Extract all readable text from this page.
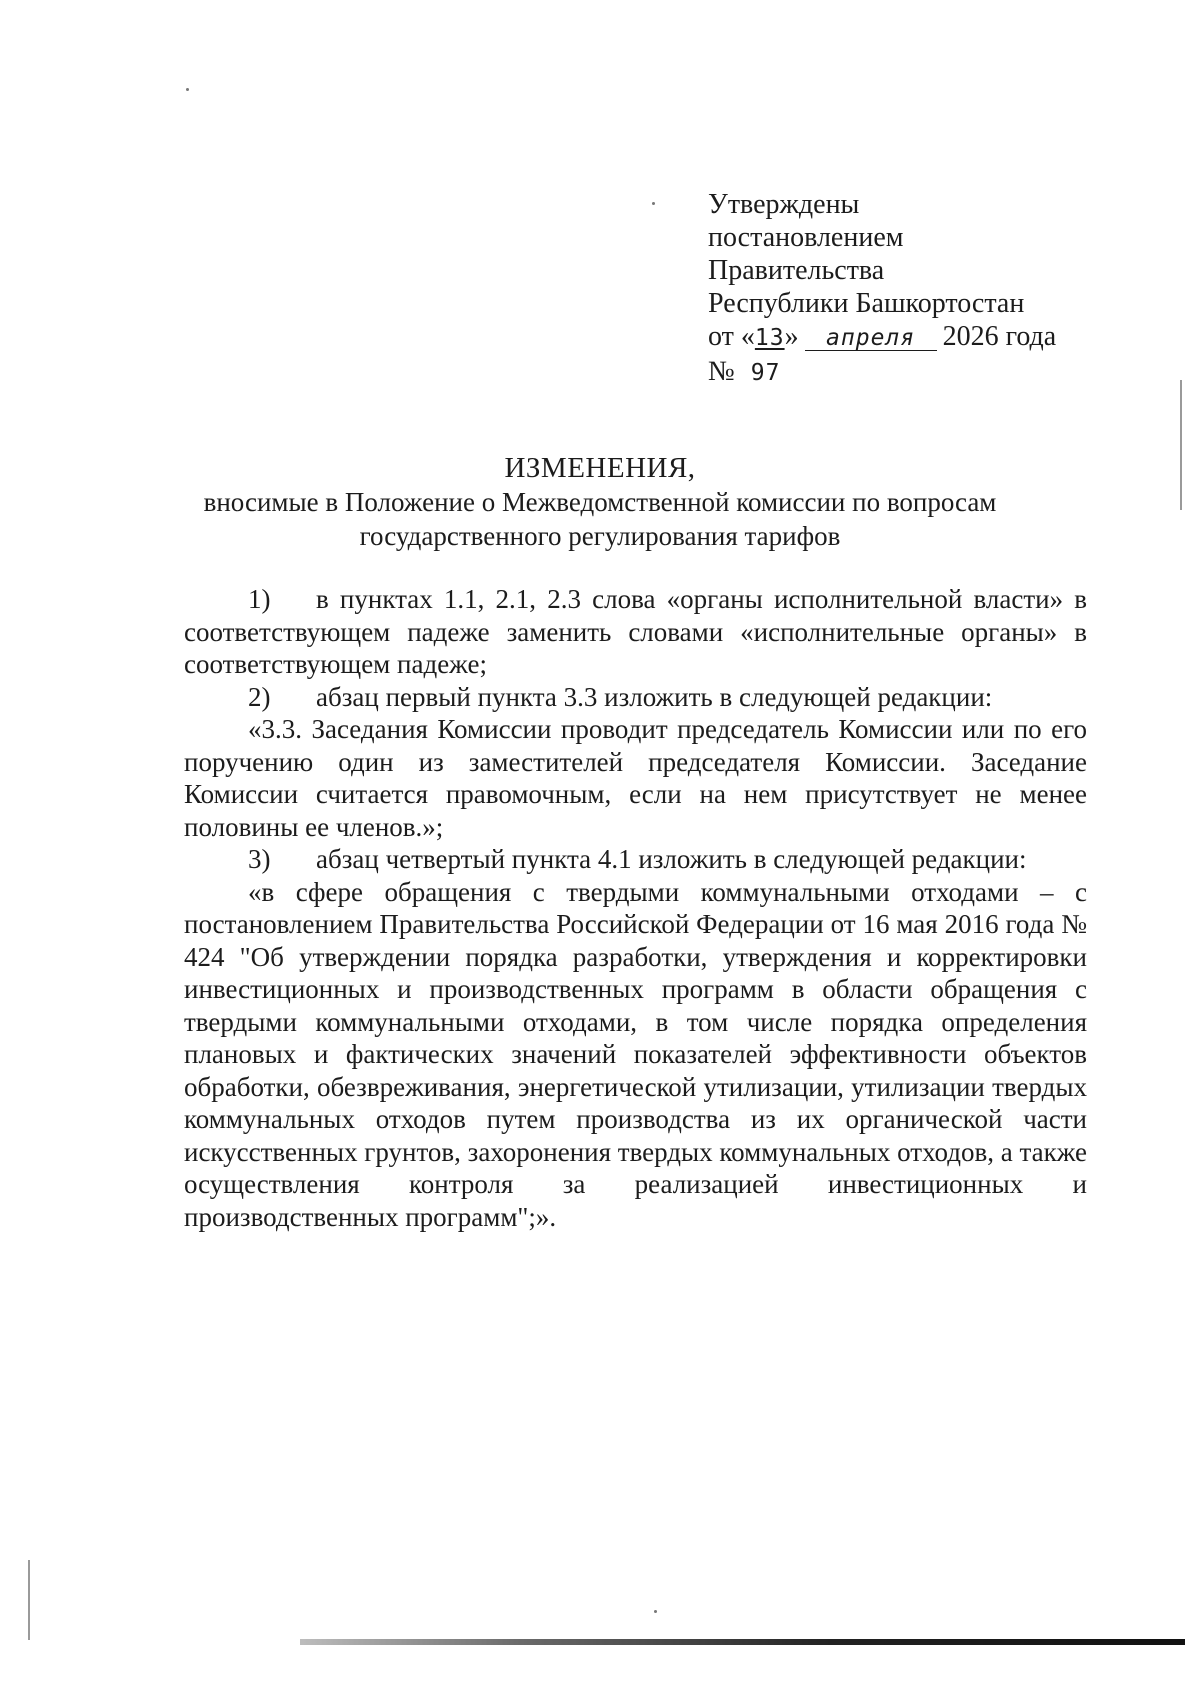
Утверждены
постановлением
Правительства
Республики Башкортостан
от «13» апреля 2026 года
№ 97
ИЗМЕНЕНИЯ,
вносимые в Положение о Межведомственной комиссии по вопросам
государственного регулирования тарифов

1) в пунктах 1.1, 2.1, 2.3 слова «органы исполнительной власти» в соответствующем падеже заменить словами «исполнительные органы» в соответствующем падеже;

2) абзац первый пункта 3.3 изложить в следующей редакции:

«3.3. Заседания Комиссии проводит председатель Комиссии или по его поручению один из заместителей председателя Комиссии. Заседание Комиссии считается правомочным, если на нем присутствует не менее половины ее членов.»;

3) абзац четвертый пункта 4.1 изложить в следующей редакции:

«в сфере обращения с твердыми коммунальными отходами – с постановлением Правительства Российской Федерации от 16 мая 2016 года № 424 "Об утверждении порядка разработки, утверждения и корректировки инвестиционных и производственных программ в области обращения с твердыми коммунальными отходами, в том числе порядка определения плановых и фактических значений показателей эффективности объектов обработки, обезвреживания, энергетической утилизации, утилизации твердых коммунальных отходов путем производства из их органической части искусственных грунтов, захоронения твердых коммунальных отходов, а также осуществления контроля за реализацией инвестиционных и производственных программ";».
